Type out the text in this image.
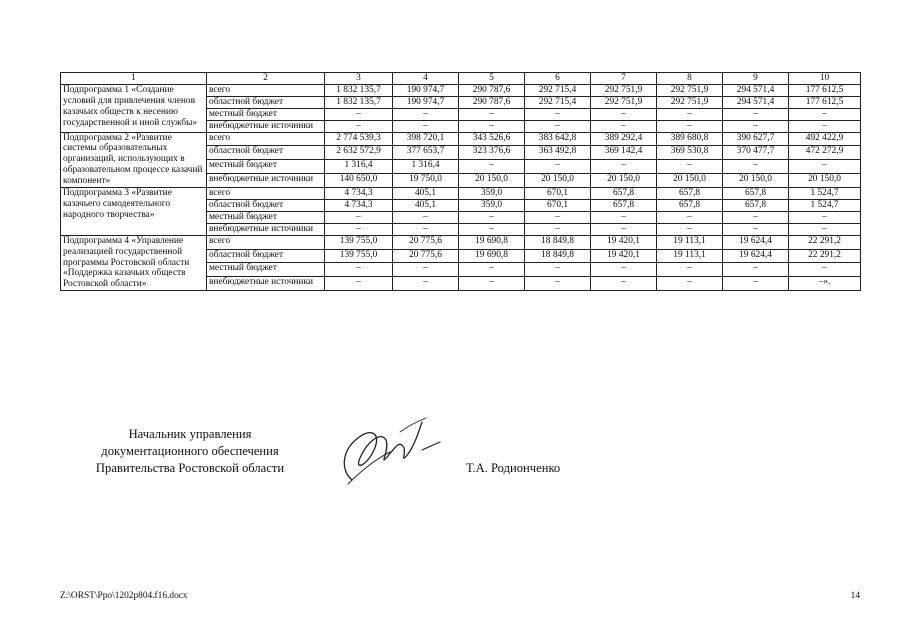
1	2	3	4	5	6	7	8	9	10
Подпрограмма 1 «Создание условий для привлечения членов казачьих обществ к несению государственной и иной службы»	всего	1 832 135,7	190 974,7	290 787,6	292 715,4	292 751,9	292 751,9	294 571,4	177 612,5
	областной бюджет	1 832 135,7	190 974,7	290 787,6	292 715,4	292 751,9	292 751,9	294 571,4	177 612,5
	местный бюджет	–	–	–	–	–	–	–	–
	внебюджетные источники	–	–	–	–	–	–	–	–
Подпрограмма 2 «Развитие системы образовательных организаций, использующих в образовательном процессе казачий компонент»	всего	2 774 539,3	398 720,1	343 526,6	383 642,8	389 292,4	389 680,8	390 627,7	492 422,9
	областной бюджет	2 632 572,9	377 653,7	323 376,6	363 492,8	369 142,4	369 530,8	370 477,7	472 272,9
	местный бюджет	1 316,4	1 316,4	–	–	–	–	–	–
	внебюджетные источники	140 650,0	19 750,0	20 150,0	20 150,0	20 150,0	20 150,0	20 150,0	20 150,0
Подпрограмма 3 «Развитие казачьего самодеятельного народного творчества»	всего	4 734,3	405,1	359,0	670,1	657,8	657,8	657,8	1 524,7
	областной бюджет	4 734,3	405,1	359,0	670,1	657,8	657,8	657,8	1 524,7
	местный бюджет	–	–	–	–	–	–	–	–
	внебюджетные источники	–	–	–	–	–	–	–	–
Подпрограмма 4 «Управление реализацией государственной программы Ростовской области «Поддержка казачьих обществ Ростовской области»	всего	139 755,0	20 775,6	19 690,8	18 849,8	19 420,1	19 113,1	19 624,4	22 291,2
	областной бюджет	139 755,0	20 775,6	19 690,8	18 849,8	19 420,1	19 113,1	19 624,4	22 291,2
	местный бюджет	–	–	–	–	–	–	–	–
	внебюджетные источники	–	–	–	–	–	–	–	–».
Начальник управления
документационного обеспечения
Правительства Ростовской области	Т.А. Родионченко
Z:\ORST\Ppo\1202p804.f16.docx	14
